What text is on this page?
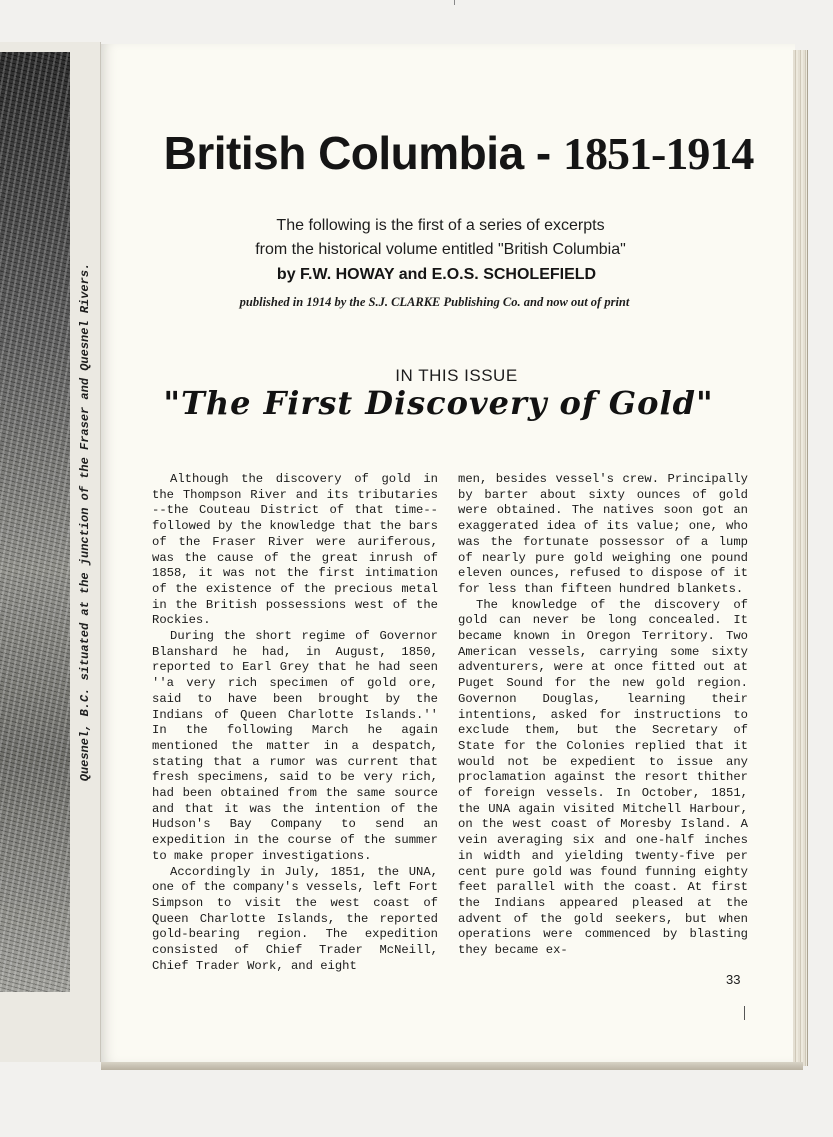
Quesnel, B.C. situated at the junction of the Fraser and Quesnel Rivers.
British Columbia - 1851-1914
The following is the first of a series of excerpts
from the historical volume entitled "British Columbia"
by F.W. HOWAY and E.O.S. SCHOLEFIELD
published in 1914 by the S.J. CLARKE Publishing Co. and now out of print
IN THIS ISSUE
"The First Discovery of Gold"

Although the discovery of gold in the Thompson River and its tributaries --the Couteau District of that time-- followed by the knowledge that the bars of the Fraser River were auriferous, was the cause of the great inrush of 1858, it was not the first intimation of the existence of the precious metal in the British possessions west of the Rockies.

During the short regime of Governor Blanshard he had, in August, 1850, reported to Earl Grey that he had seen ''a very rich specimen of gold ore, said to have been brought by the Indians of Queen Charlotte Islands.'' In the following March he again mentioned the matter in a despatch, stating that a rumor was current that fresh specimens, said to be very rich, had been obtained from the same source and that it was the intention of the Hudson's Bay Company to send an expedition in the course of the summer to make proper investigations.

Accordingly in July, 1851, the UNA, one of the company's vessels, left Fort Simpson to visit the west coast of Queen Charlotte Islands, the reported gold-bearing region. The expedition consisted of Chief Trader McNeill, Chief Trader Work, and eight

men, besides vessel's crew. Principally by barter about sixty ounces of gold were obtained. The natives soon got an exaggerated idea of its value; one, who was the fortunate possessor of a lump of nearly pure gold weighing one pound eleven ounces, refused to dispose of it for less than fifteen hundred blankets.

The knowledge of the discovery of gold can never be long concealed. It became known in Oregon Territory. Two American vessels, carrying some sixty adventurers, were at once fitted out at Puget Sound for the new gold region. Governon Douglas, learning their intentions, asked for instructions to exclude them, but the Secretary of State for the Colonies replied that it would not be expedient to issue any proclamation against the resort thither of foreign vessels. In October, 1851, the UNA again visited Mitchell Harbour, on the west coast of Moresby Island. A vein averaging six and one-half inches in width and yielding twenty-five per cent pure gold was found funning eighty feet parallel with the coast. At first the Indians appeared pleased at the advent of the gold seekers, but when operations were commenced by blasting they became ex-

33
